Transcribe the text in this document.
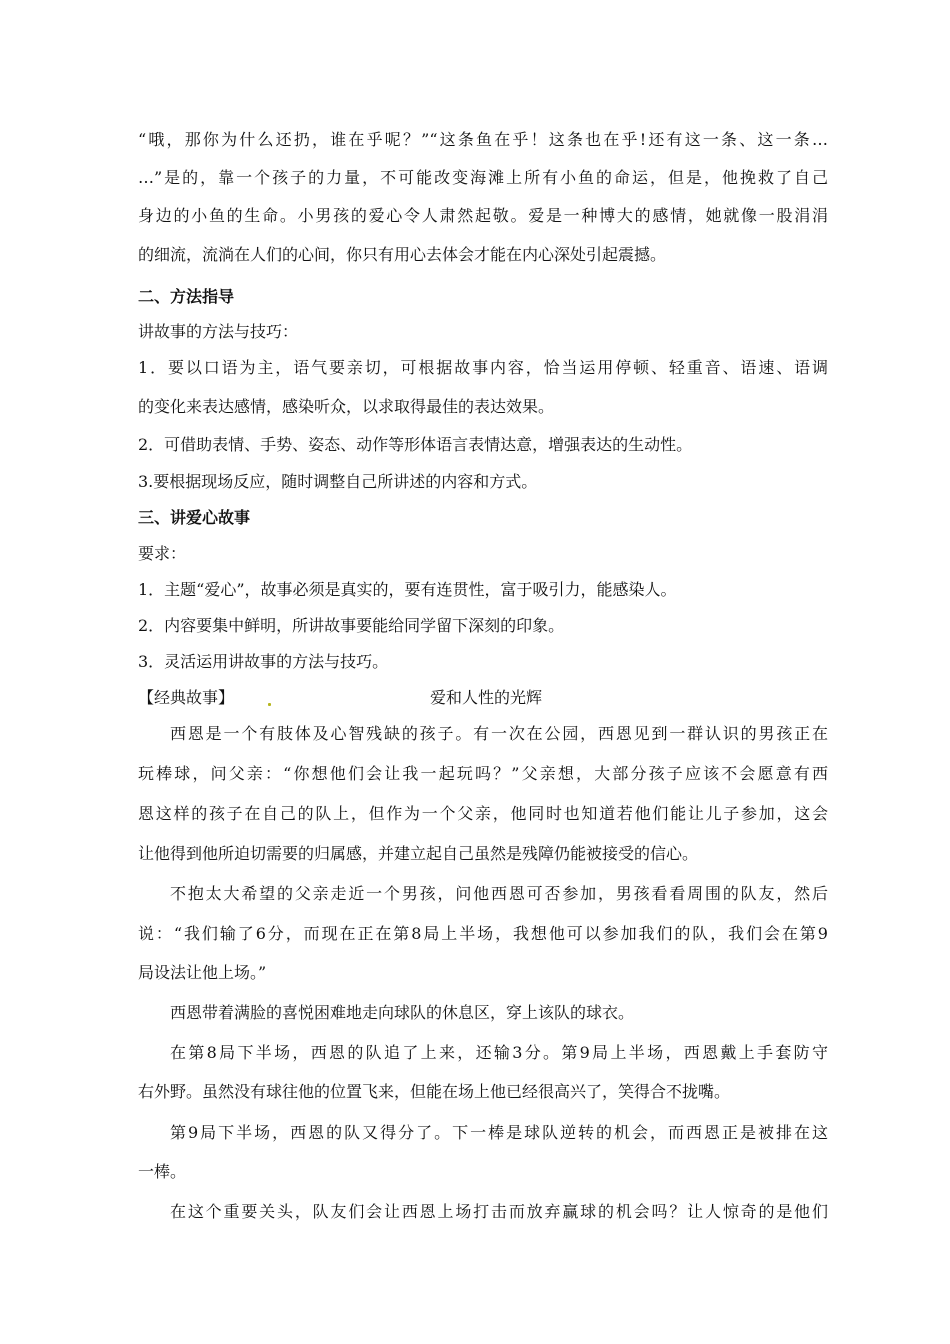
“哦，那你为什么还扔，谁在乎呢？”“这条鱼在乎！这条也在乎!还有这一条、这一条…
…”是的，靠一个孩子的力量，不可能改变海滩上所有小鱼的命运，但是，他挽救了自己
身边的小鱼的生命。小男孩的爱心令人肃然起敬。爱是一种博大的感情，她就像一股涓涓
的细流，流淌在人们的心间，你只有用心去体会才能在内心深处引起震撼。
二、方法指导
讲故事的方法与技巧：
1．要以口语为主，语气要亲切，可根据故事内容，恰当运用停顿、轻重音、语速、语调
的变化来表达感情，感染听众，以求取得最佳的表达效果。
2．可借助表情、手势、姿态、动作等形体语言表情达意，增强表达的生动性。
3.要根据现场反应，随时调整自己所讲述的内容和方式。
三、讲爱心故事
要求：
1．主题“爱心”，故事必须是真实的，要有连贯性，富于吸引力，能感染人。
2．内容要集中鲜明，所讲故事要能给同学留下深刻的印象。
3．灵活运用讲故事的方法与技巧。
【经典故事】	爱和人性的光辉
西恩是一个有肢体及心智残缺的孩子。有一次在公园，西恩见到一群认识的男孩正在
玩棒球，问父亲：“你想他们会让我一起玩吗？”父亲想，大部分孩子应该不会愿意有西
恩这样的孩子在自己的队上，但作为一个父亲，他同时也知道若他们能让儿子参加，这会
让他得到他所迫切需要的归属感，并建立起自己虽然是残障仍能被接受的信心。
不抱太大希望的父亲走近一个男孩，问他西恩可否参加，男孩看看周围的队友，然后
说：“我们输了6分，而现在正在第8局上半场，我想他可以参加我们的队，我们会在第9
局设法让他上场。”
西恩带着满脸的喜悦困难地走向球队的休息区，穿上该队的球衣。
在第8局下半场，西恩的队追了上来，还输3分。第9局上半场，西恩戴上手套防守
右外野。虽然没有球往他的位置飞来，但能在场上他已经很高兴了，笑得合不拢嘴。
第9局下半场，西恩的队又得分了。下一棒是球队逆转的机会，而西恩正是被排在这
一棒。
在这个重要关头，队友们会让西恩上场打击而放弃赢球的机会吗？让人惊奇的是他们
